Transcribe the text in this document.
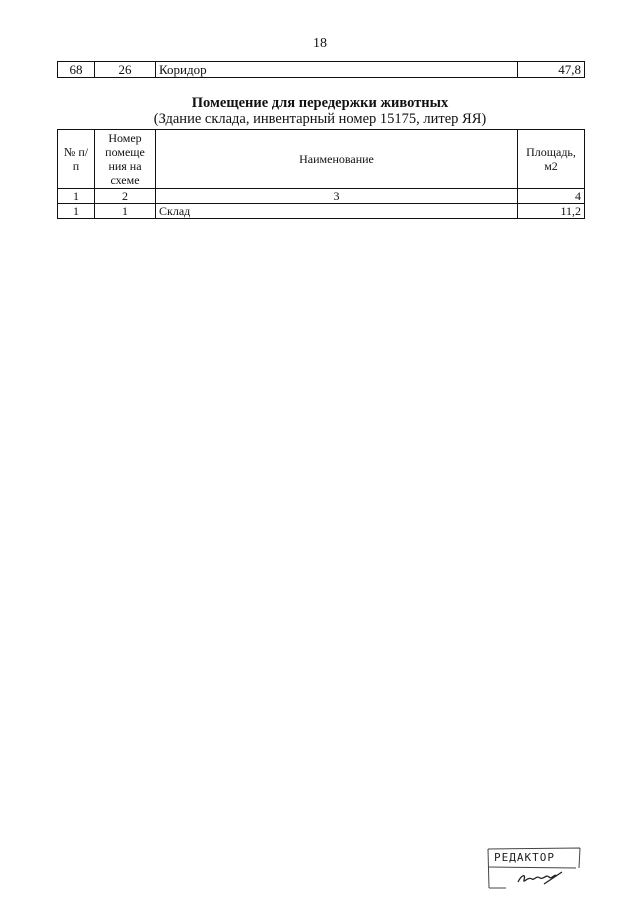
18
68	26	Коридор	47,8
Помещение для передержки животных
(Здание склада, инвентарный номер 15175, литер ЯЯ)
№ п/п	Номер помеще ния на схеме	Наименование	Площадь, м2
1	2	3	4
1	1	Склад	11,2
РЕДАКТОР
